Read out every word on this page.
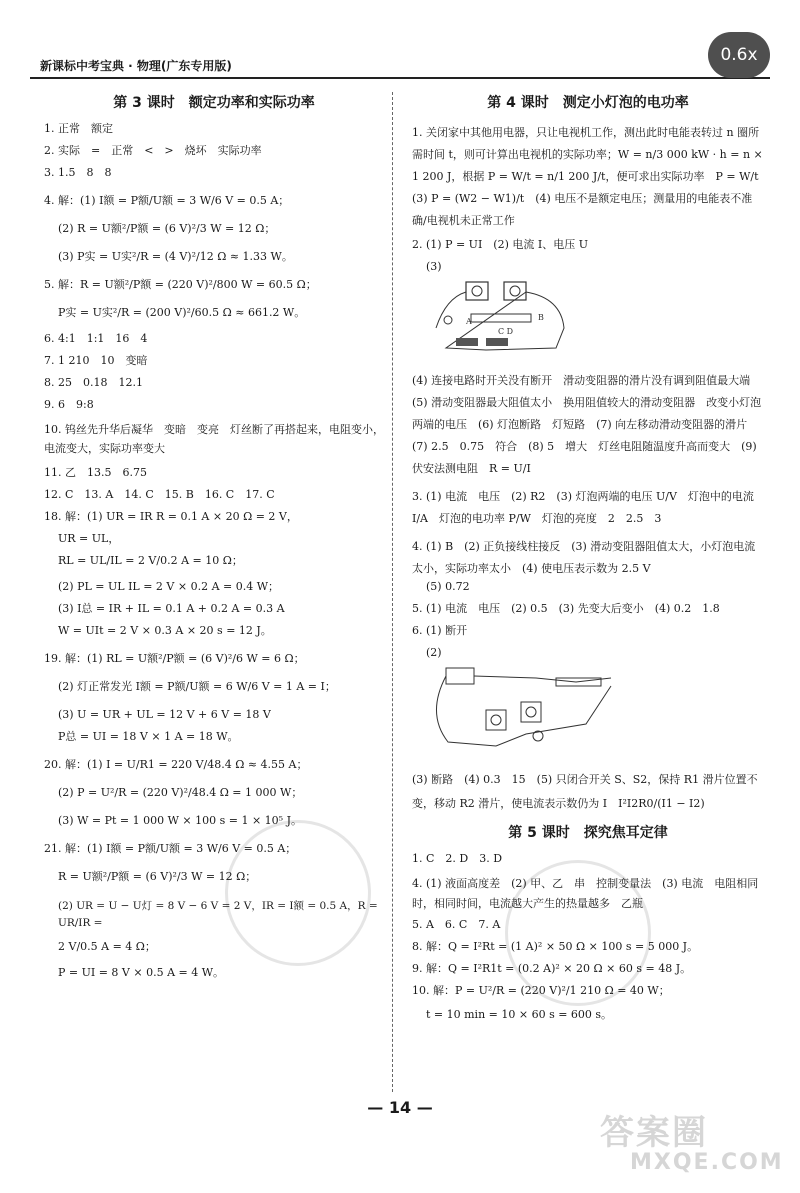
新课标中考宝典 · 物理(广东专用版)
0.6x
第 3 课时　额定功率和实际功率
1. 正常　额定
2. 实际　=　正常　<　>　烧坏　实际功率
3. 1.5　8　8
4. 解：(1) I额 = P额/U额 = 3 W/6 V = 0.5 A；
(2) R = U额²/P额 = (6 V)²/3 W = 12 Ω；
(3) P实 = U实²/R = (4 V)²/12 Ω ≈ 1.33 W。
5. 解：R = U额²/P额 = (220 V)²/800 W = 60.5 Ω；
P实 = U实²/R = (200 V)²/60.5 Ω ≈ 661.2 W。
6. 4:1　1:1　16　4
7. 1 210　10　变暗
8. 25　0.18　12.1
9. 6　9:8
10. 钨丝先升华后凝华　变暗　变亮　灯丝断了再搭起来，电阻变小，电流变大，实际功率变大
11. 乙　13.5　6.75
12. C　13. A　14. C　15. B　16. C　17. C
18. 解：(1) UR = IR R = 0.1 A × 20 Ω = 2 V，
UR = UL，
RL = UL/IL = 2 V/0.2 A = 10 Ω；
(2) PL = UL IL = 2 V × 0.2 A = 0.4 W；
(3) I总 = IR + IL = 0.1 A + 0.2 A = 0.3 A
W = UIt = 2 V × 0.3 A × 20 s = 12 J。
19. 解：(1) RL = U额²/P额 = (6 V)²/6 W = 6 Ω；
(2) 灯正常发光 I额 = P额/U额 = 6 W/6 V = 1 A = I；
(3) U = UR + UL = 12 V + 6 V = 18 V
P总 = UI = 18 V × 1 A = 18 W。
20. 解：(1) I = U/R1 = 220 V/48.4 Ω ≈ 4.55 A；
(2) P = U²/R = (220 V)²/48.4 Ω = 1 000 W；
(3) W = Pt = 1 000 W × 100 s = 1 × 10⁵ J。
21. 解：(1) I额 = P额/U额 = 3 W/6 V = 0.5 A；
R = U额²/P额 = (6 V)²/3 W = 12 Ω；
(2) UR = U − U灯 = 8 V − 6 V = 2 V，IR = I额 = 0.5 A，R = UR/IR =
2 V/0.5 A = 4 Ω；
P = UI = 8 V × 0.5 A = 4 W。
第 4 课时　测定小灯泡的电功率
1. 关闭家中其他用电器，只让电视机工作，测出此时电能表转过 n 圈所需时间 t，则可计算出电视机的实际功率；W = n/3 000 kW · h = n × 1 200 J，根据 P = W/t = n/1 200 J/t，便可求出实际功率　P = W/t　(3) P = (W2 − W1)/t　(4) 电压不是额定电压；测量用的电能表不准确/电视机未正常工作
2. (1) P = UI　(2) 电流 I、电压 U
(3)
A	B
C D
(4) 连接电路时开关没有断开　滑动变阻器的滑片没有调到阻值最大端　(5) 滑动变阻器最大阻值太小　换用阻值较大的滑动变阻器　改变小灯泡两端的电压　(6) 灯泡断路　灯短路　(7) 向左移动滑动变阻器的滑片　(7) 2.5　0.75　符合　(8) 5　增大　灯丝电阻随温度升高而变大　(9) 伏安法测电阻　R = U/I
3. (1) 电流　电压　(2) R2　(3) 灯泡两端的电压 U/V　灯泡中的电流 I/A　灯泡的电功率 P/W　灯泡的亮度　2　2.5　3
4. (1) B　(2) 正负接线柱接反　(3) 滑动变阻器阻值太大，小灯泡电流太小，实际功率太小　(4) 使电压表示数为 2.5 V
(5) 0.72
5. (1) 电流　电压　(2) 0.5　(3) 先变大后变小　(4) 0.2　1.8
6. (1) 断开
(2)
(3) 断路　(4) 0.3　15　(5) 只闭合开关 S、S2，保持 R1 滑片位置不变，移动 R2 滑片，使电流表示数仍为 I　I²I2R0/(I1 − I2)
第 5 课时　探究焦耳定律
1. C　2. D　3. D
4. (1) 液面高度差　(2) 甲、乙　串　控制变量法　(3) 电流　电阻相同时，相同时间，电流越大产生的热量越多　乙瓶
5. A　6. C　7. A
8. 解：Q = I²Rt = (1 A)² × 50 Ω × 100 s = 5 000 J。
9. 解：Q = I²R1t = (0.2 A)² × 20 Ω × 60 s = 48 J。
10. 解：P = U²/R = (220 V)²/1 210 Ω = 40 W；
t = 10 min = 10 × 60 s = 600 s。
— 14 —
答案圈
MXQE.COM
